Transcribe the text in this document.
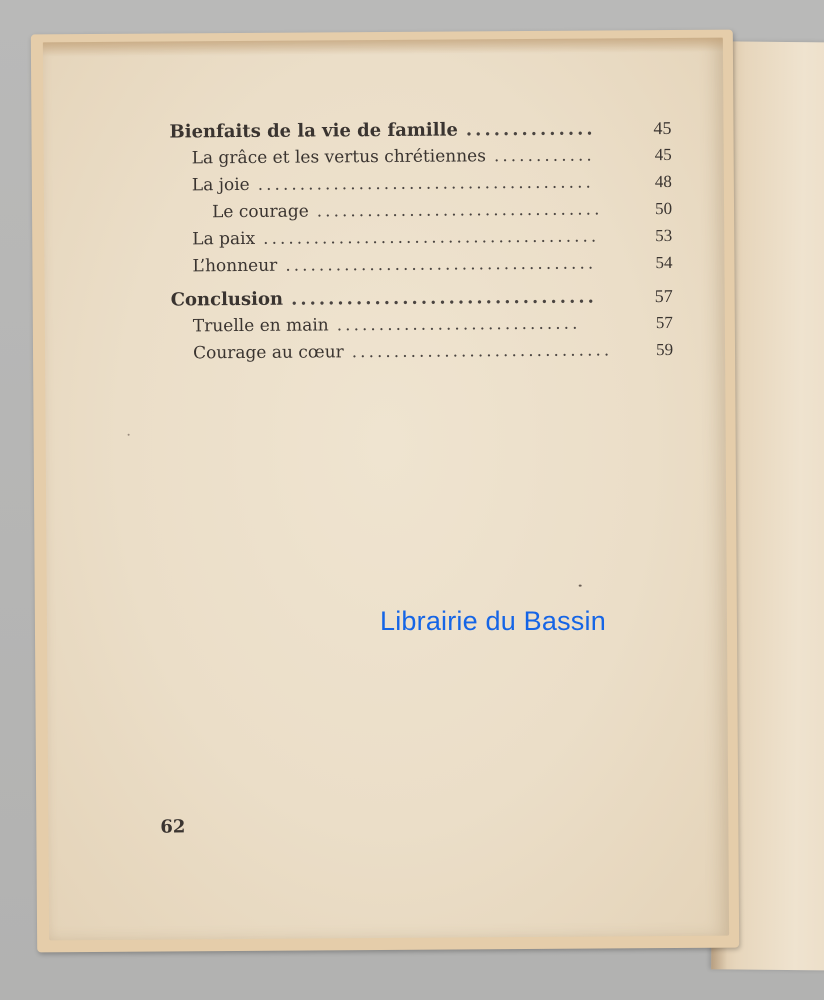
Bienfaits de la vie de famille ..............	45
La grâce et les vertus chrétiennes ............	45
La joie ........................................	48
Le courage ..................................	50
La paix ........................................	53
L’honneur .....................................	54
Conclusion .................................	57
Truelle en main .............................	57
Courage au cœur ...............................	59
62
Librairie du Bassin
